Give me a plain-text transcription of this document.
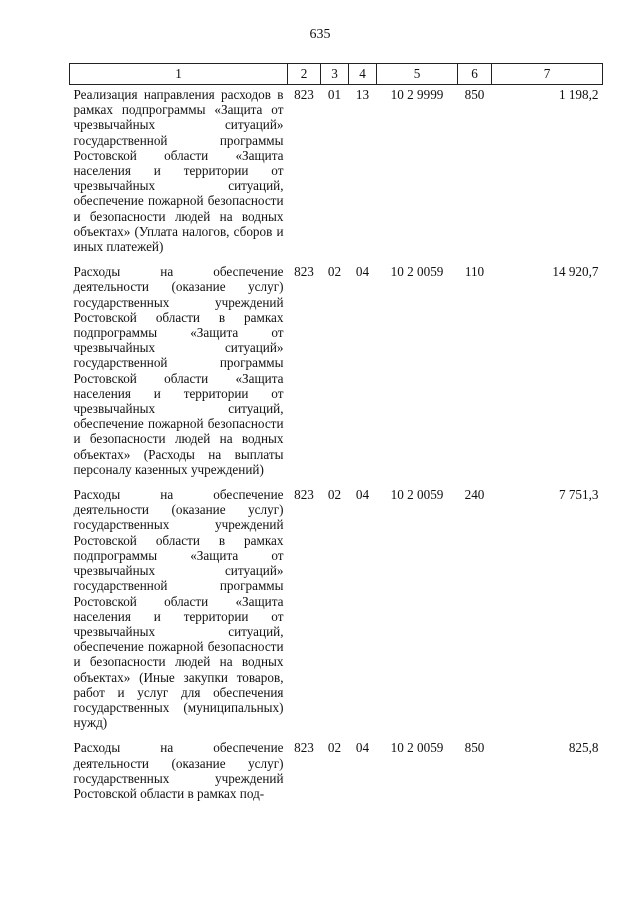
635
1	2	3	4	5	6	7
Реализация направления расходов в рамках подпрограммы «Защита от чрезвычайных ситуаций» государственной программы Ростовской области «Защита населения и территории от чрезвычайных ситуаций, обеспечение пожарной безопасности и безопасности людей на водных объектах» (Уплата налогов, сборов и иных платежей)	823	01	13	10 2 9999	850	1 198,2
Расходы на обеспечение деятельности (оказание услуг) государственных учреждений Ростовской области в рамках подпрограммы «Защита от чрезвычайных ситуаций» государственной программы Ростовской области «Защита населения и территории от чрезвычайных ситуаций, обеспечение пожарной безопасности и безопасности людей на водных объектах» (Расходы на выплаты персоналу казенных учреждений)	823	02	04	10 2 0059	110	14 920,7
Расходы на обеспечение деятельности (оказание услуг) государственных учреждений Ростовской области в рамках подпрограммы «Защита от чрезвычайных ситуаций» государственной программы Ростовской области «Защита населения и территории от чрезвычайных ситуаций, обеспечение пожарной безопасности и безопасности людей на водных объектах» (Иные закупки товаров, работ и услуг для обеспечения государственных (муниципальных) нужд)	823	02	04	10 2 0059	240	7 751,3
Расходы на обеспечение деятельности (оказание услуг) государственных учреждений Ростовской области в рамках под-	823	02	04	10 2 0059	850	825,8
